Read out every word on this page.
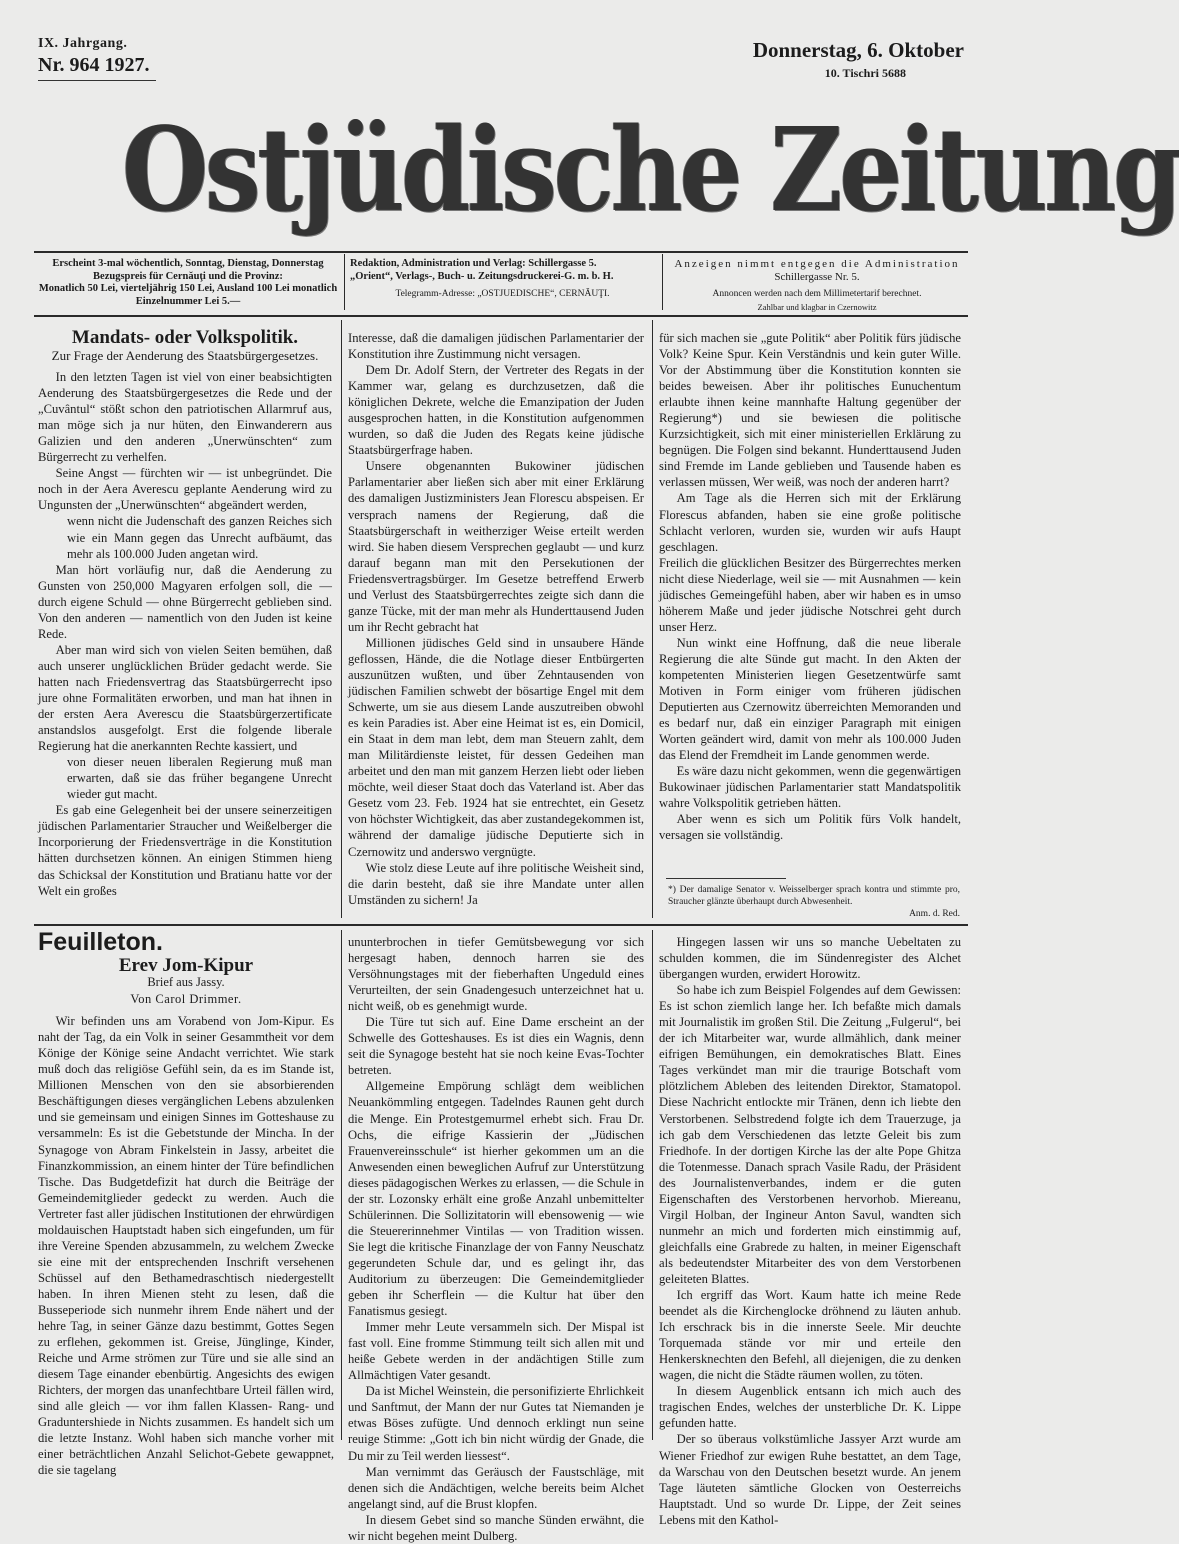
IX. Jahrgang.
Nr. 964 1927.
Donnerstag, 6. Oktober
10. Tischri 5688
Ostjüdische Zeitung
Erscheint 3-mal wöchentlich, Sonntag, Dienstag, Donnerstag
Bezugspreis für Cernăuţi und die Provinz:
Monatlich 50 Lei, vierteljährig 150 Lei, Ausland 100 Lei monatlich
Einzelnummer Lei 5.—
Redaktion, Administration und Verlag: Schillergasse 5.
„Orient“, Verlags-, Buch- u. Zeitungsdruckerei-G. m. b. H.
Telegramm-Adresse: „OSTJUEDISCHE“, CERNĂUŢI.
Anzeigen nimmt entgegen die Administration
Schillergasse Nr. 5.
Annoncen werden nach dem Millimetertarif berechnet.
Zahlbar und klagbar in Czernowitz
Mandats- oder Volkspolitik.
Zur Frage der Aenderung des Staatsbürgergesetzes.

In den letzten Tagen ist viel von einer beabsichtigten Aenderung des Staatsbürgergesetzes die Rede und der „Cuvântul“ stößt schon den patriotischen Allarmruf aus, man möge sich ja nur hüten, den Einwanderern aus Galizien und den anderen „Unerwünschten“ zum Bürgerrecht zu verhelfen.

Seine Angst — fürchten wir — ist unbegründet. Die noch in der Aera Averescu geplante Aenderung wird zu Ungunsten der „Unerwünschten“ abgeändert werden,

wenn nicht die Judenschaft des ganzen Reiches sich wie ein Mann gegen das Unrecht aufbäumt, das mehr als 100.000 Juden angetan wird.

Man hört vorläufig nur, daß die Aenderung zu Gunsten von 250,000 Magyaren erfolgen soll, die —durch eigene Schuld — ohne Bürgerrecht geblieben sind. Von den anderen — namentlich von den Juden ist keine Rede.

Aber man wird sich von vielen Seiten bemühen, daß auch unserer unglücklichen Brüder gedacht werde. Sie hatten nach Friedensvertrag das Staatsbürgerrecht ipso jure ohne Formalitäten erworben, und man hat ihnen in der ersten Aera Averescu die Staatsbürgerzertificate anstandslos ausgefolgt. Erst die folgende liberale Regierung hat die anerkannten Rechte kassiert, und

von dieser neuen liberalen Regierung muß man erwarten, daß sie das früher begangene Unrecht wieder gut macht.

Es gab eine Gelegenheit bei der unsere seinerzeitigen jüdischen Parlamentarier Straucher und Weißelberger die Incorporierung der Friedensverträge in die Konstitution hätten durchsetzen können. An einigen Stimmen hieng das Schicksal der Konstitution und Bratianu hatte vor der Welt ein großes

Interesse, daß die damaligen jüdischen Parlamentarier der Konstitution ihre Zustimmung nicht versagen.

Dem Dr. Adolf Stern, der Vertreter des Regats in der Kammer war, gelang es durchzusetzen, daß die königlichen Dekrete, welche die Emanzipation der Juden ausgesprochen hatten, in die Konstitution aufgenommen wurden, so daß die Juden des Regats keine jüdische Staatsbürgerfrage haben.

Unsere obgenannten Bukowiner jüdischen Parlamentarier aber ließen sich aber mit einer Erklärung des damaligen Justizministers Jean Florescu abspeisen. Er versprach namens der Regierung, daß die Staatsbürgerschaft in weitherziger Weise erteilt werden wird. Sie haben diesem Versprechen geglaubt — und kurz darauf begann man mit den Persekutionen der Friedensvertragsbürger. Im Gesetze betreffend Erwerb und Verlust des Staatsbürgerrechtes zeigte sich dann die ganze Tücke, mit der man mehr als Hunderttausend Juden um ihr Recht gebracht hat

Millionen jüdisches Geld sind in unsaubere Hände geflossen, Hände, die die Notlage dieser Entbürgerten auszunützen wußten, und über Zehntausenden von jüdischen Familien schwebt der bösartige Engel mit dem Schwerte, um sie aus diesem Lande auszutreiben obwohl es kein Paradies ist. Aber eine Heimat ist es, ein Domicil, ein Staat in dem man lebt, dem man Steuern zahlt, dem man Militärdienste leistet, für dessen Gedeihen man arbeitet und den man mit ganzem Herzen liebt oder lieben möchte, weil dieser Staat doch das Vaterland ist. Aber das Gesetz vom 23. Feb. 1924 hat sie entrechtet, ein Gesetz von höchster Wichtigkeit, das aber zustandegekommen ist, während der damalige jüdische Deputierte sich in Czernowitz und anderswo vergnügte.

Wie stolz diese Leute auf ihre politische Weisheit sind, die darin besteht, daß sie ihre Mandate unter allen Umständen zu sichern! Ja

für sich machen sie „gute Politik“ aber Politik fürs jüdische Volk? Keine Spur. Kein Verständnis und kein guter Wille. Vor der Abstimmung über die Konstitution konnten sie beides beweisen. Aber ihr politisches Eunuchentum erlaubte ihnen keine mannhafte Haltung gegenüber der Regierung*) und sie bewiesen die politische Kurzsichtigkeit, sich mit einer ministeriellen Erklärung zu begnügen. Die Folgen sind bekannt. Hunderttausend Juden sind Fremde im Lande geblieben und Tausende haben es verlassen müssen, Wer weiß, was noch der anderen harrt?

Am Tage als die Herren sich mit der Erklärung Florescus abfanden, haben sie eine große politische Schlacht verloren, wurden sie, wurden wir aufs Haupt geschlagen.

Freilich die glücklichen Besitzer des Bürgerrechtes merken nicht diese Niederlage, weil sie — mit Ausnahmen — kein jüdisches Gemeingefühl haben, aber wir haben es in umso höherem Maße und jeder jüdische Notschrei geht durch unser Herz.

Nun winkt eine Hoffnung, daß die neue liberale Regierung die alte Sünde gut macht. In den Akten der kompetenten Ministerien liegen Gesetzentwürfe samt Motiven in Form einiger vom früheren jüdischen Deputierten aus Czernowitz überreichten Memoranden und es bedarf nur, daß ein einziger Paragraph mit einigen Worten geändert wird, damit von mehr als 100.000 Juden das Elend der Fremdheit im Lande genommen werde.

Es wäre dazu nicht gekommen, wenn die gegenwärtigen Bukowinaer jüdischen Parlamentarier statt Mandatspolitik wahre Volkspolitik getrieben hätten.

Aber wenn es sich um Politik fürs Volk handelt, versagen sie vollständig.

*) Der damalige Senator v. Weisselberger sprach kontra und stimmte pro, Straucher glänzte überhaupt durch Abwesenheit.
Anm. d. Red.
Feuilleton.
Erev Jom-Kipur
Brief aus Jassy.
Von Carol Drimmer.

Wir befinden uns am Vorabend von Jom-Kipur. Es naht der Tag, da ein Volk in seiner Gesammtheit vor dem Könige der Könige seine Andacht verrichtet. Wie stark muß doch das religiöse Gefühl sein, da es im Stande ist, Millionen Menschen von den sie absorbierenden Beschäftigungen dieses vergänglichen Lebens abzulenken und sie gemeinsam und einigen Sinnes im Gotteshause zu versammeln: Es ist die Gebetstunde der Mincha. In der Synagoge von Abram Finkelstein in Jassy, arbeitet die Finanzkommission, an einem hinter der Türe befindlichen Tische. Das Budgetdefizit hat durch die Beiträge der Gemeindemitglieder gedeckt zu werden. Auch die Vertreter fast aller jüdischen Institutionen der ehrwürdigen moldauischen Hauptstadt haben sich eingefunden, um für ihre Vereine Spenden abzusammeln, zu welchem Zwecke sie eine mit der entsprechenden Inschrift versehenen Schüssel auf den Bethamedraschtisch niedergestellt haben. In ihren Mienen steht zu lesen, daß die Busseperiode sich nunmehr ihrem Ende nähert und der hehre Tag, in seiner Gänze dazu bestimmt, Gottes Segen zu erflehen, gekommen ist. Greise, Jünglinge, Kinder, Reiche und Arme strömen zur Türe und sie alle sind an diesem Tage einander ebenbürtig. Angesichts des ewigen Richters, der morgen das unanfechtbare Urteil fällen wird, sind alle gleich — vor ihm fallen Klassen- Rang- und Graduntershiede in Nichts zusammen. Es handelt sich um die letzte Instanz. Wohl haben sich manche vorher mit einer beträchtlichen Anzahl Selichot-Gebete gewappnet, die sie tagelang

ununterbrochen in tiefer Gemütsbewegung vor sich hergesagt haben, dennoch harren sie des Versöhnungstages mit der fieberhaften Ungeduld eines Verurteilten, der sein Gnadengesuch unterzeichnet hat u. nicht weiß, ob es genehmigt wurde.

Die Türe tut sich auf. Eine Dame erscheint an der Schwelle des Gotteshauses. Es ist dies ein Wagnis, denn seit die Synagoge besteht hat sie noch keine Evas-Tochter betreten.

Allgemeine Empörung schlägt dem weiblichen Neuankömmling entgegen. Tadelndes Raunen geht durch die Menge. Ein Protestgemurmel erhebt sich. Frau Dr. Ochs, die eifrige Kassierin der „Jüdischen Frauenvereinsschule“ ist hierher gekommen um an die Anwesenden einen beweglichen Aufruf zur Unterstützung dieses pädagogischen Werkes zu erlassen, — die Schule in der str. Lozonsky erhält eine große Anzahl unbemittelter Schülerinnen. Die Sollizitatorin will ebensowenig — wie die Steuererinnehmer Vintilas — von Tradition wissen. Sie legt die kritische Finanzlage der von Fanny Neuschatz gegerundeten Schule dar, und es gelingt ihr, das Auditorium zu überzeugen: Die Gemeindemitglieder geben ihr Scherflein — die Kultur hat über den Fanatismus gesiegt.

Immer mehr Leute versammeln sich. Der Mispal ist fast voll. Eine fromme Stimmung teilt sich allen mit und heiße Gebete werden in der andächtigen Stille zum Allmächtigen Vater gesandt.

Da ist Michel Weinstein, die personifizierte Ehrlichkeit und Sanftmut, der Mann der nur Gutes tat Niemanden je etwas Böses zufügte. Und dennoch erklingt nun seine reuige Stimme: „Gott ich bin nicht würdig der Gnade, die Du mir zu Teil werden liessest“.

Man vernimmt das Geräusch der Faustschläge, mit denen sich die Andächtigen, welche bereits beim Alchet angelangt sind, auf die Brust klopfen.

In diesem Gebet sind so manche Sünden erwähnt, die wir nicht begehen meint Dulberg.

Hingegen lassen wir uns so manche Uebeltaten zu schulden kommen, die im Sündenregister des Alchet übergangen wurden, erwidert Horowitz.

So habe ich zum Beispiel Folgendes auf dem Gewissen: Es ist schon ziemlich lange her. Ich befaßte mich damals mit Journalistik im großen Stil. Die Zeitung „Fulgerul“, bei der ich Mitarbeiter war, wurde allmählich, dank meiner eifrigen Bemühungen, ein demokratisches Blatt. Eines Tages verkündet man mir die traurige Botschaft vom plötzlichem Ableben des leitenden Direktor, Stamatopol. Diese Nachricht entlockte mir Tränen, denn ich liebte den Verstorbenen. Selbstredend folgte ich dem Trauerzuge, ja ich gab dem Verschiedenen das letzte Geleit bis zum Friedhofe. In der dortigen Kirche las der alte Pope Ghitza die Totenmesse. Danach sprach Vasile Radu, der Präsident des Journalistenverbandes, indem er die guten Eigenschaften des Verstorbenen hervorhob. Miereanu, Virgil Holban, der Ingineur Anton Savul, wandten sich nunmehr an mich und forderten mich einstimmig auf, gleichfalls eine Grabrede zu halten, in meiner Eigenschaft als bedeutendster Mitarbeiter des von dem Verstorbenen geleiteten Blattes.

Ich ergriff das Wort. Kaum hatte ich meine Rede beendet als die Kirchenglocke dröhnend zu läuten anhub. Ich erschrack bis in die innerste Seele. Mir deuchte Torquemada stände vor mir und erteile den Henkersknechten den Befehl, all diejenigen, die zu denken wagen, die nicht die Städte räumen wollen, zu töten.

In diesem Augenblick entsann ich mich auch des tragischen Endes, welches der unsterbliche Dr. K. Lippe gefunden hatte.

Der so überaus volkstümliche Jassyer Arzt wurde am Wiener Friedhof zur ewigen Ruhe bestattet, an dem Tage, da Warschau von den Deutschen besetzt wurde. An jenem Tage läuteten sämtliche Glocken von Oesterreichs Hauptstadt. Und so wurde Dr. Lippe, der Zeit seines Lebens mit den Kathol-
